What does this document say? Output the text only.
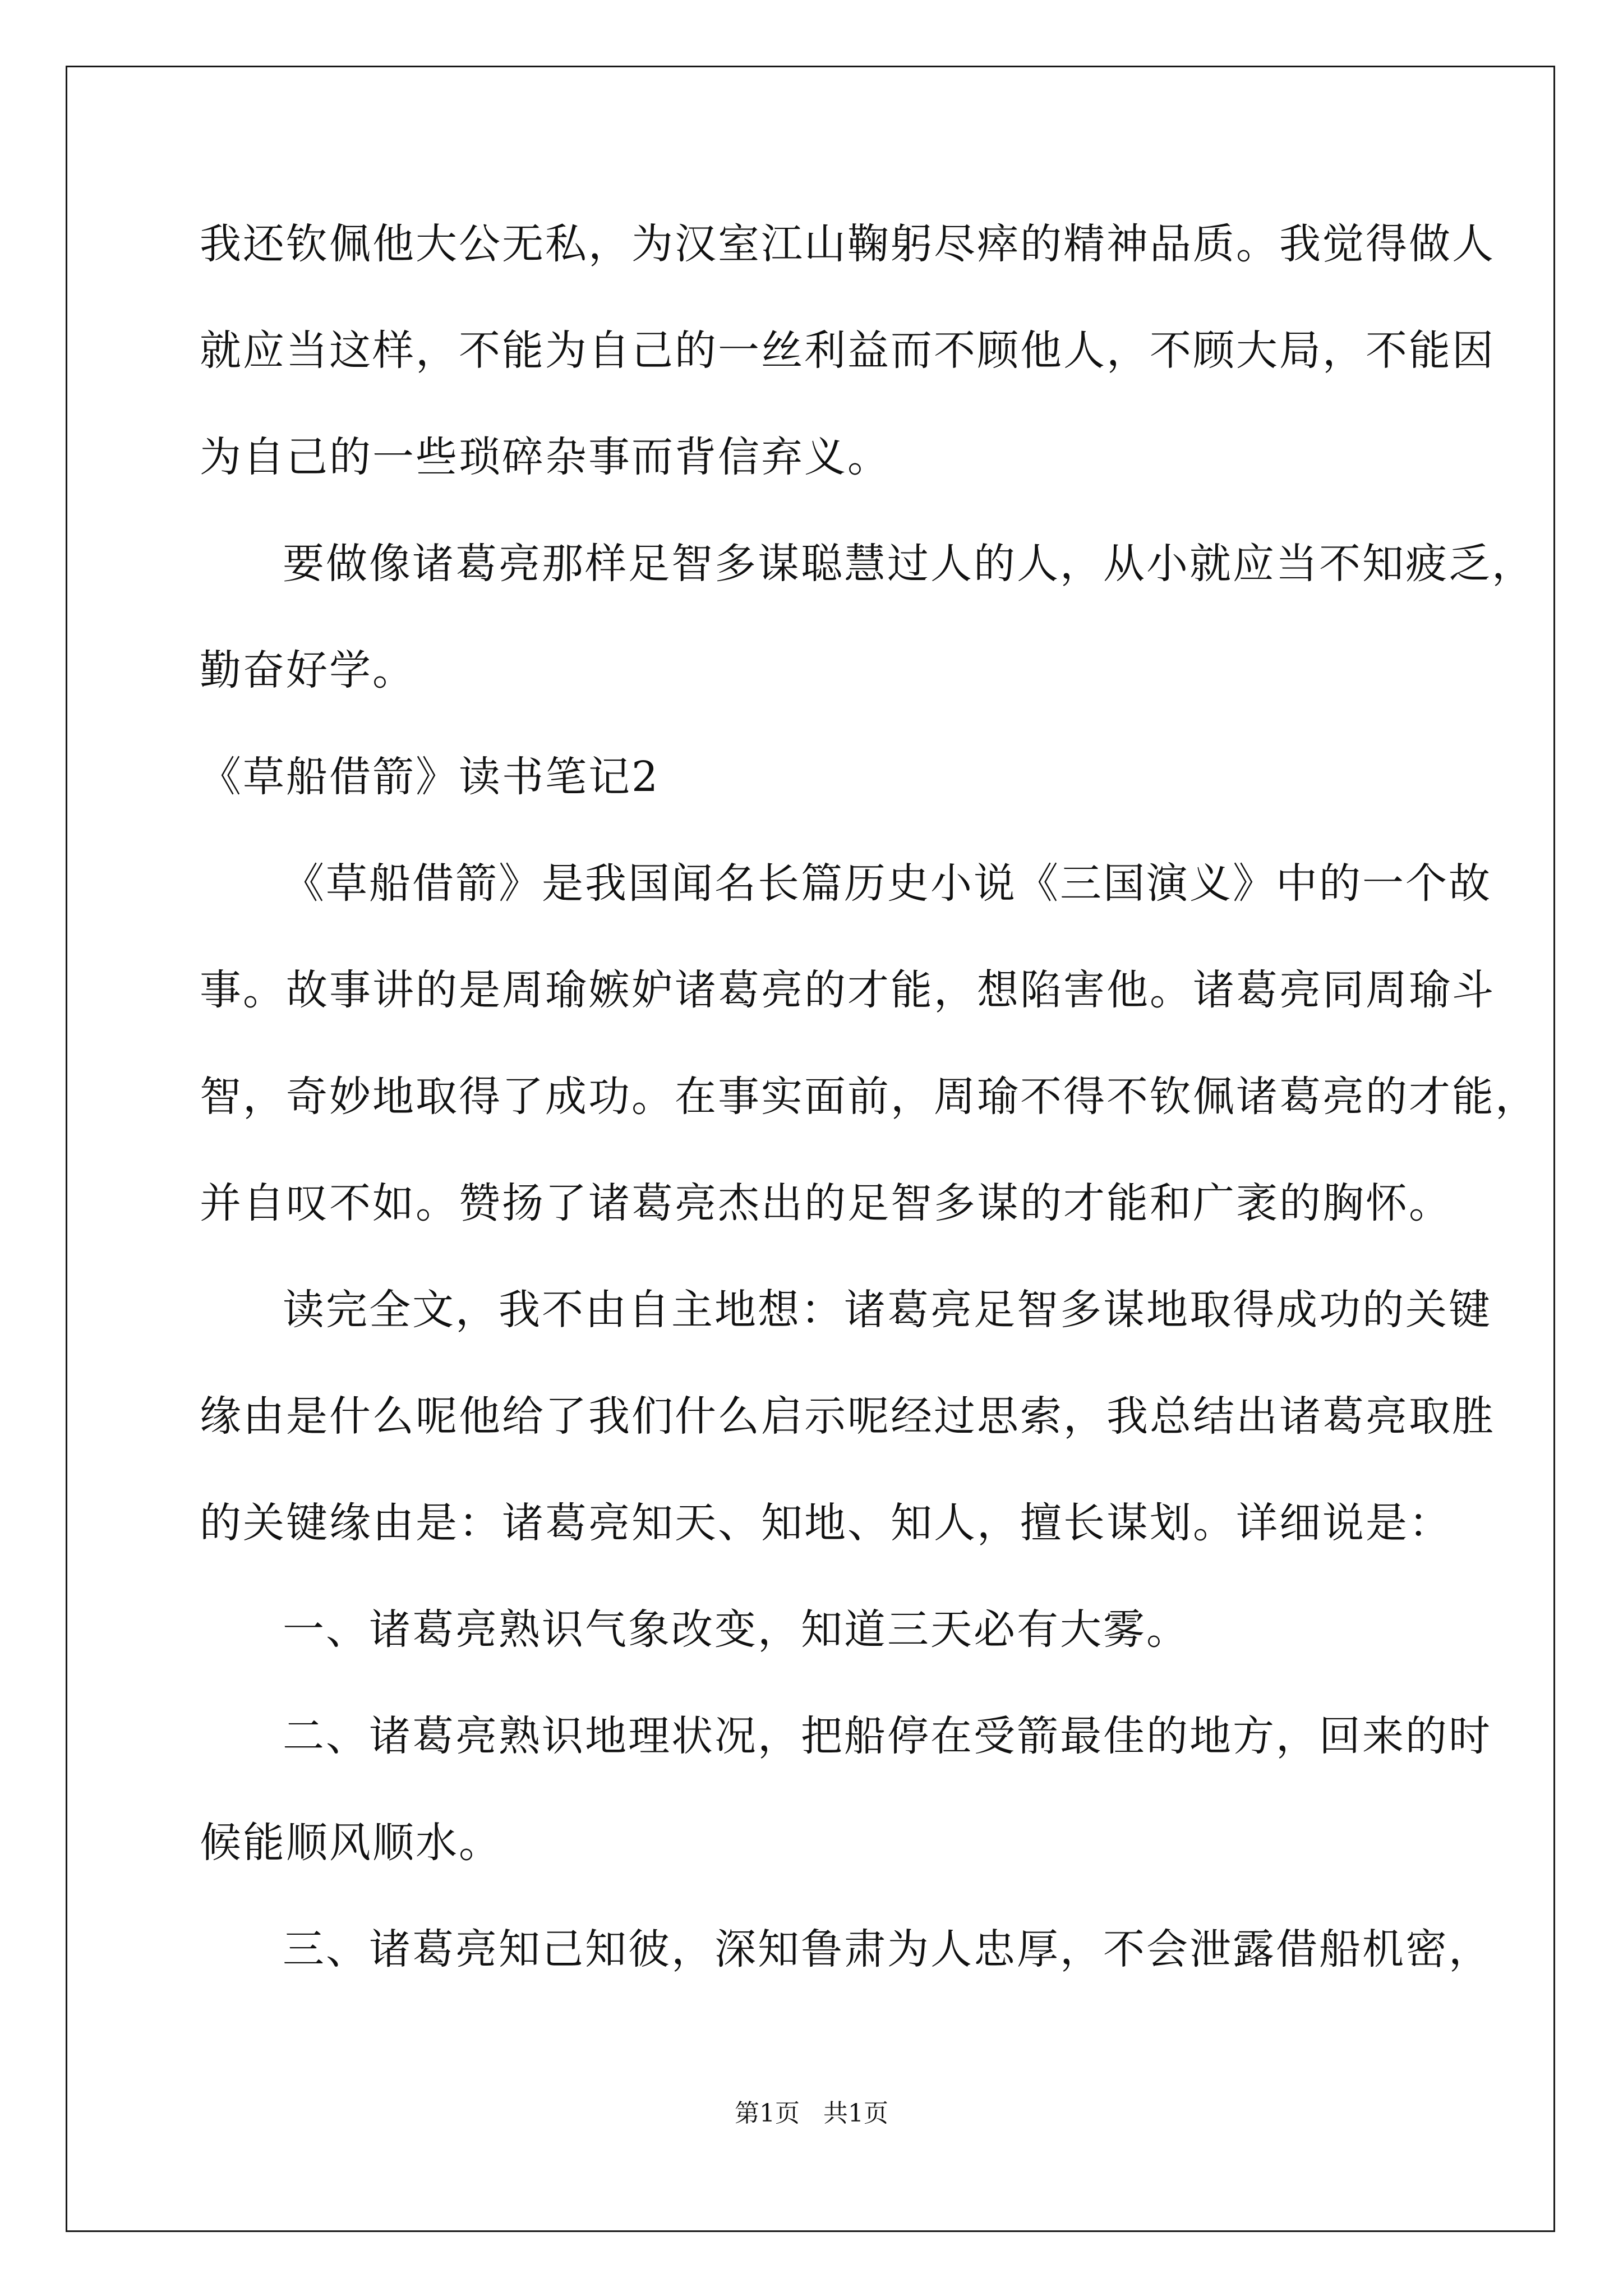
我还钦佩他大公无私，为汉室江山鞠躬尽瘁的精神品质。我觉得做人
就应当这样，不能为自己的一丝利益而不顾他人，不顾大局，不能因
为自己的一些琐碎杂事而背信弃义。
要做像诸葛亮那样足智多谋聪慧过人的人，从小就应当不知疲乏，
勤奋好学。
《草船借箭》读书笔记2
《草船借箭》是我国闻名长篇历史小说《三国演义》中的一个故
事。故事讲的是周瑜嫉妒诸葛亮的才能，想陷害他。诸葛亮同周瑜斗
智，奇妙地取得了成功。在事实面前，周瑜不得不钦佩诸葛亮的才能，
并自叹不如。赞扬了诸葛亮杰出的足智多谋的才能和广袤的胸怀。
读完全文，我不由自主地想：诸葛亮足智多谋地取得成功的关键
缘由是什么呢他给了我们什么启示呢经过思索，我总结出诸葛亮取胜
的关键缘由是：诸葛亮知天、知地、知人，擅长谋划。详细说是：
一、诸葛亮熟识气象改变，知道三天必有大雾。
二、诸葛亮熟识地理状况，把船停在受箭最佳的地方，回来的时
候能顺风顺水。
三、诸葛亮知己知彼，深知鲁肃为人忠厚，不会泄露借船机密，
第1页   共1页
